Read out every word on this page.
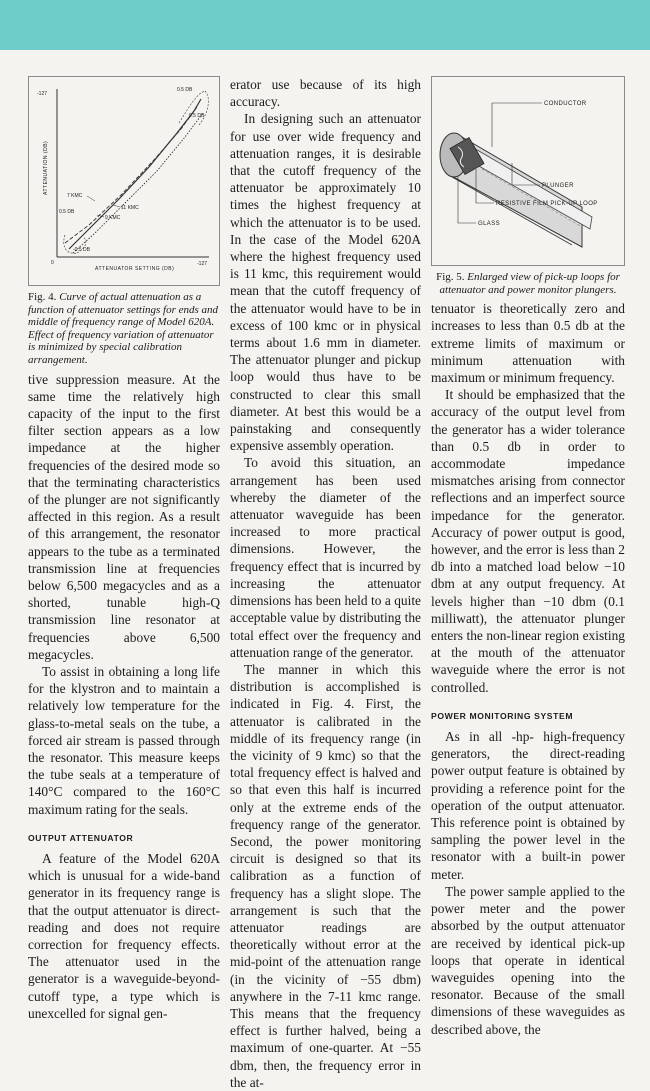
-127
-127
0
ATTENUATION (DB)
ATTENUATOR SETTING (DB)
0.5 DB
0.5 DB
7 KMC
11 KMC
9 KMC
0.5 DB
-0.5 DB
Fig. 4. Curve of actual attenuation as a function of attenuator settings for ends and middle of frequency range of Model 620A. Effect of frequency variation of attenuator is minimized by special calibration arrangement.

tive suppression measure. At the same time the relatively high capacity of the input to the first filter section appears as a low impedance at the higher frequencies of the desired mode so that the terminating characteristics of the plunger are not significantly affected in this region. As a result of this arrangement, the resonator appears to the tube as a terminated transmission line at frequencies below 6,500 megacycles and as a shorted, tunable high-Q transmission line resonator at frequencies above 6,500 megacycles.

To assist in obtaining a long life for the klystron and to maintain a relatively low temperature for the glass-to-metal seals on the tube, a forced air stream is passed through the resonator. This measure keeps the tube seals at a temperature of 140°C compared to the 160°C maximum rating for the seals.

OUTPUT ATTENUATOR

A feature of the Model 620A which is unusual for a wide-band generator in its frequency range is that the output attenuator is direct-reading and does not require correction for frequency effects. The attenuator used in the generator is a waveguide-beyond-cutoff type, a type which is unexcelled for signal gen-

erator use because of its high accuracy.

In designing such an attenuator for use over wide frequency and attenuation ranges, it is desirable that the cutoff frequency of the attenuator be approximately 10 times the highest frequency at which the attenuator is to be used. In the case of the Model 620A where the highest frequency used is 11 kmc, this requirement would mean that the cutoff frequency of the attenuator would have to be in excess of 100 kmc or in physical terms about 1.6 mm in diameter. The attenuator plunger and pickup loop would thus have to be constructed to clear this small diameter. At best this would be a painstaking and consequently expensive assembly operation.

To avoid this situation, an arrangement has been used whereby the diameter of the attenuator waveguide has been increased to more practical dimensions. However, the frequency effect that is incurred by increasing the attenuator dimensions has been held to a quite acceptable value by distributing the total effect over the frequency and attenuation range of the generator.

The manner in which this distribution is accomplished is indicated in Fig. 4. First, the attenuator is calibrated in the middle of its frequency range (in the vicinity of 9 kmc) so that the total frequency effect is halved and so that even this half is incurred only at the extreme ends of the frequency range of the generator. Second, the power monitoring circuit is designed so that its calibration as a function of frequency has a slight slope. The arrangement is such that the attenuator readings are theoretically without error at the mid-point of the attenuation range (in the vicinity of −55 dbm) anywhere in the 7-11 kmc range. This means that the frequency effect is further halved, being a maximum of one-quarter. At −55 dbm, then, the frequency error in the at-

CONDUCTOR
PLUNGER
RESISTIVE FILM PICK-UP LOOP
GLASS
Fig. 5. Enlarged view of pick-up loops for attenuator and power monitor plungers.

tenuator is theoretically zero and increases to less than 0.5 db at the extreme limits of maximum or minimum attenuation with maximum or minimum frequency.

It should be emphasized that the accuracy of the output level from the generator has a wider tolerance than 0.5 db in order to accommodate impedance mismatches arising from connector reflections and an imperfect source impedance for the generator. Accuracy of power output is good, however, and the error is less than 2 db into a matched load below −10 dbm at any output frequency. At levels higher than −10 dbm (0.1 milliwatt), the attenuator plunger enters the non-linear region existing at the mouth of the attenuator waveguide where the error is not controlled.

POWER MONITORING SYSTEM

As in all -hp- high-frequency generators, the direct-reading power output feature is obtained by providing a reference point for the operation of the output attenuator. This reference point is obtained by sampling the power level in the resonator with a built-in power meter.

The power sample applied to the power meter and the power absorbed by the output attenuator are received by identical pick-up loops that operate in identical waveguides opening into the resonator. Because of the small dimensions of these waveguides as described above, the
